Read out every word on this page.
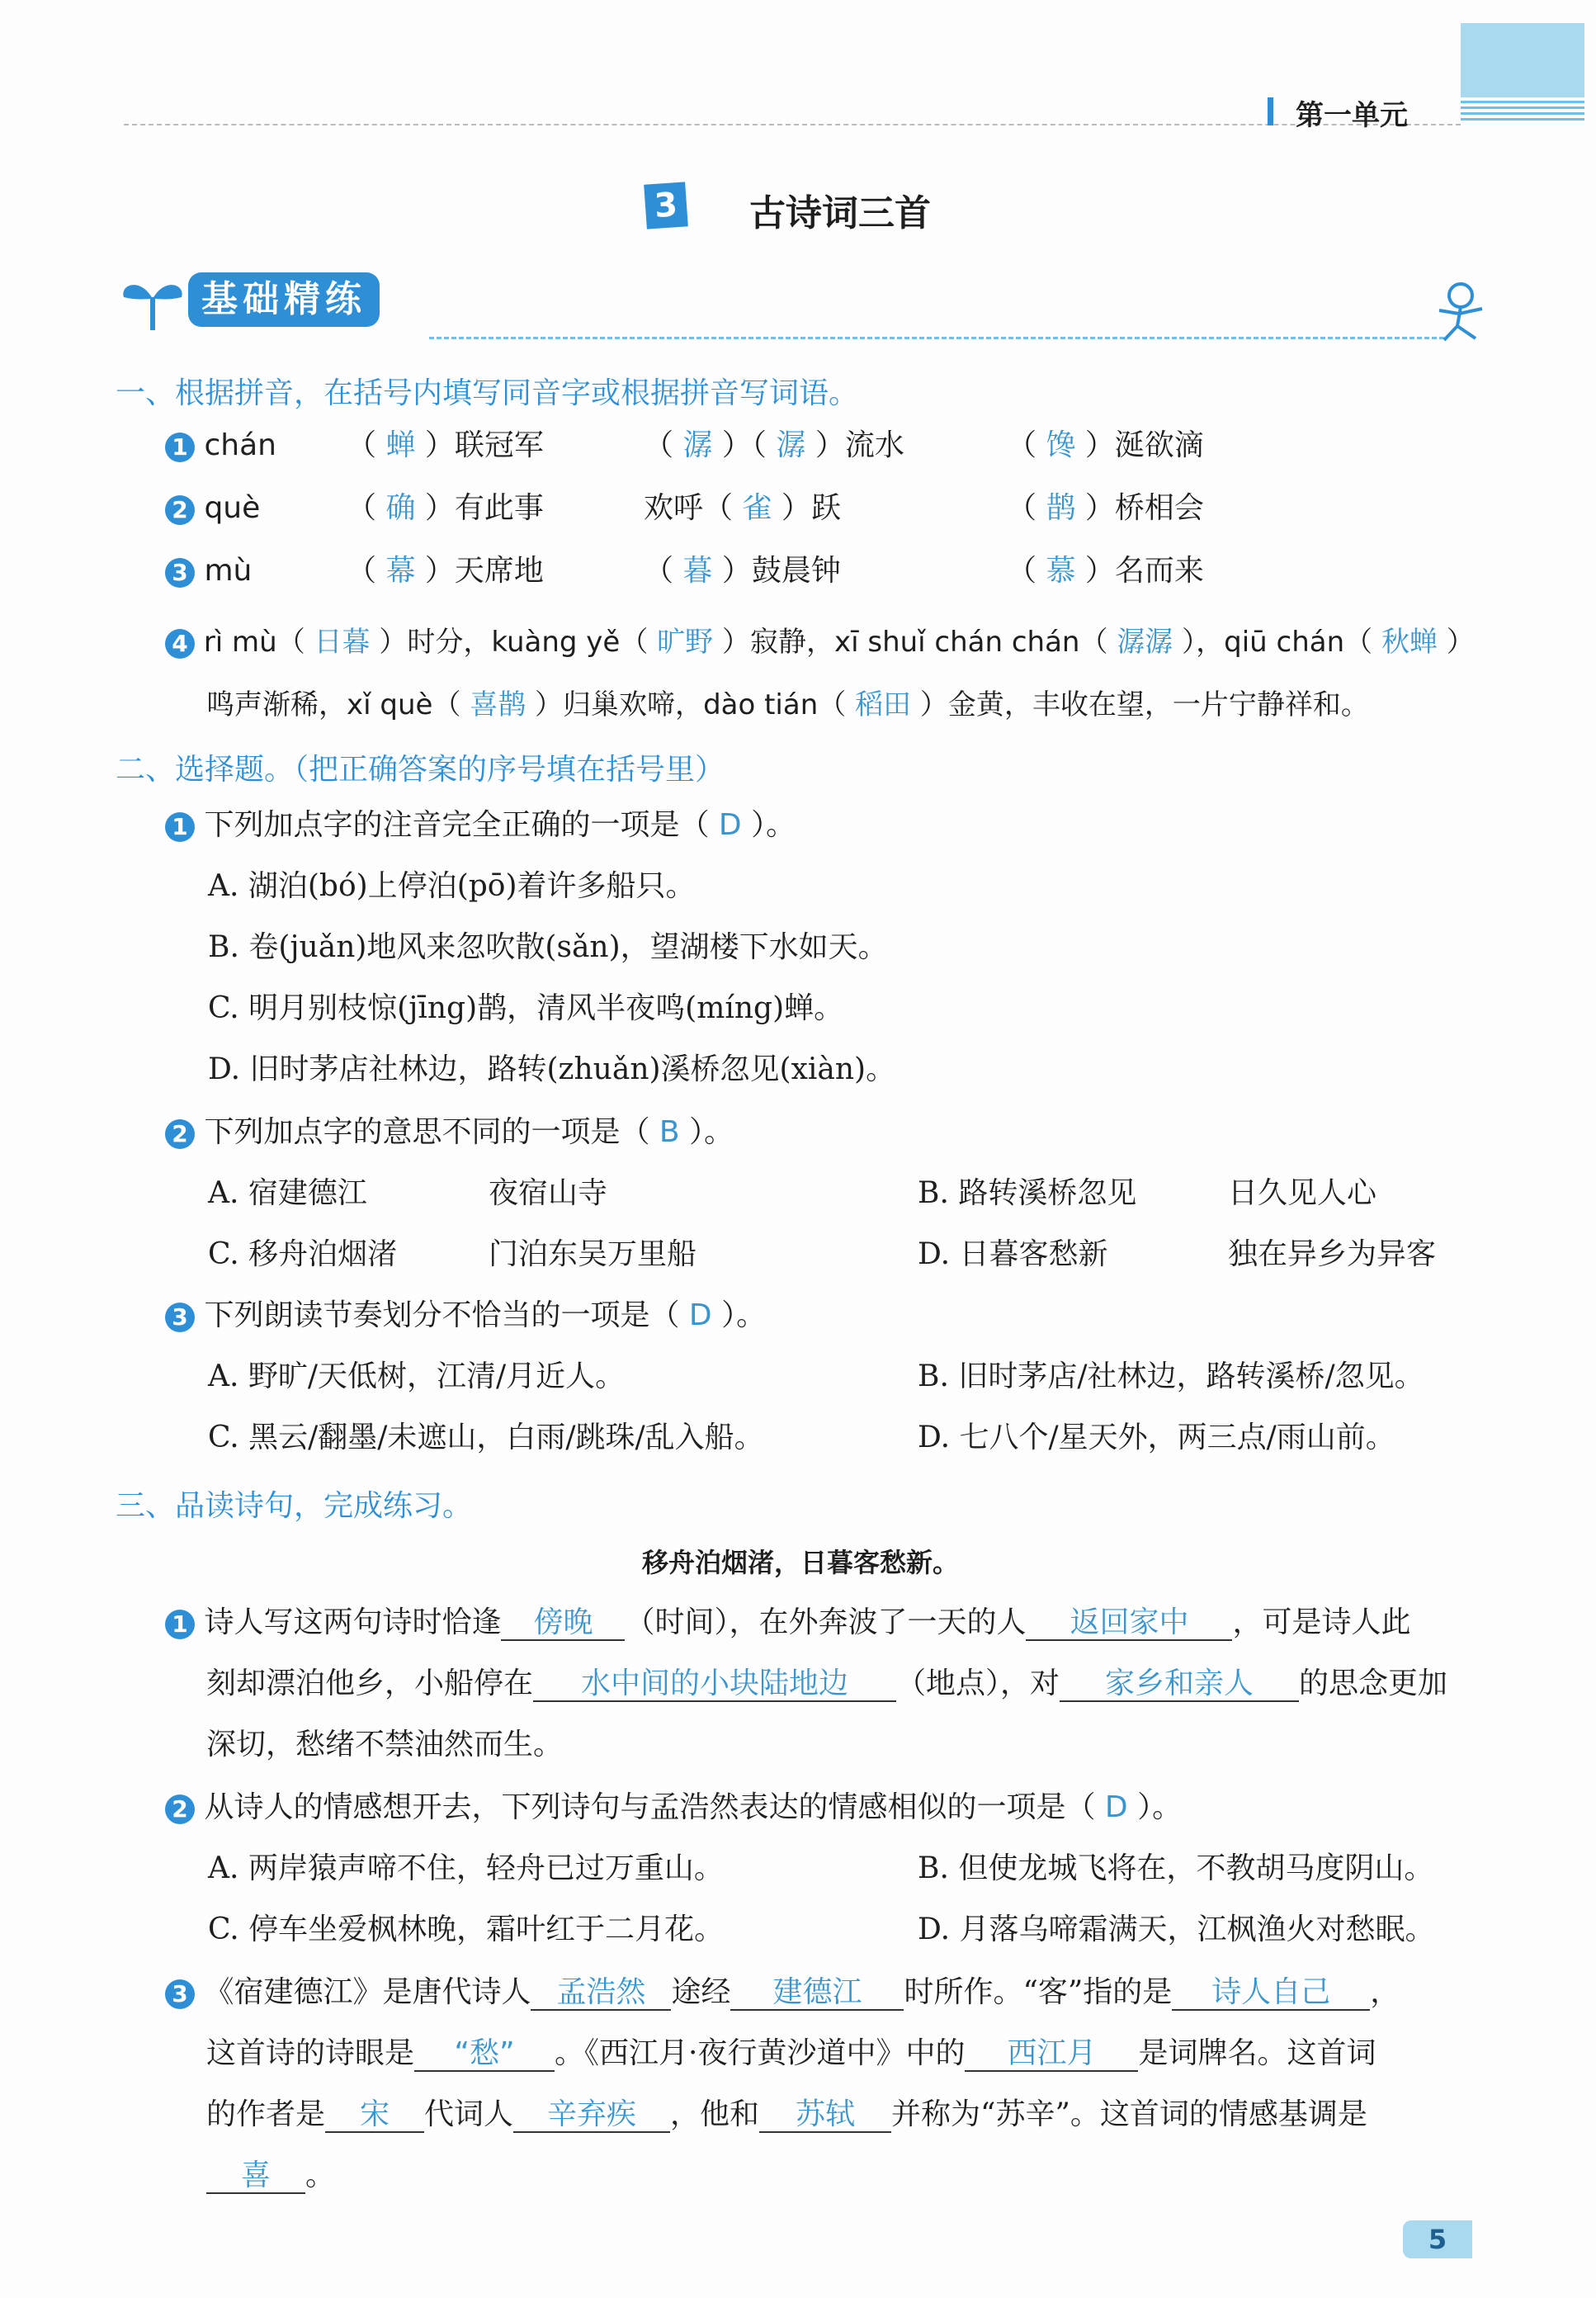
第一单元
3 古诗词三首
基础精练
一、根据拼音，在括号内填写同音字或根据拼音写词语。
1 chán （ 蝉 ）联冠军	（ 潺 ）（ 潺 ）流水	（ 馋 ）涎欲滴
2 què	（ 确 ）有此事	欢呼（ 雀 ）跃	（ 鹊 ）桥相会
3 mù	（ 幕 ）天席地	（ 暮 ）鼓晨钟	（ 慕 ）名而来
4 rì mù（ 日暮 ）时分，kuàng yě（ 旷野 ）寂静，xī shuǐ chán chán（ 潺潺 ），qiū chán（ 秋蝉 ）
鸣声渐稀，xǐ què（ 喜鹊 ）归巢欢啼，dào tián（ 稻田 ）金黄，丰收在望，一片宁静祥和。
二、选择题。（把正确答案的序号填在括号里）
1 下列加点字的注音完全正确的一项是（ D ）。
A. 湖泊(bó)上停泊(pō)着许多船只。
B. 卷(juǎn)地风来忽吹散(sǎn)，望湖楼下水如天。
C. 明月别枝惊(jīng)鹊，清风半夜鸣(míng)蝉。
D. 旧时茅店社林边，路转(zhuǎn)溪桥忽见(xiàn)。
2 下列加点字的意思不同的一项是（ B ）。
A. 宿建德江	夜宿山寺	B. 路转溪桥忽见	日久见人心
C. 移舟泊烟渚	门泊东吴万里船	D. 日暮客愁新	独在异乡为异客
3 下列朗读节奏划分不恰当的一项是（ D ）。
A. 野旷/天低树，江清/月近人。	B. 旧时茅店/社林边，路转溪桥/忽见。
C. 黑云/翻墨/未遮山，白雨/跳珠/乱入船。	D. 七八个/星天外，两三点/雨山前。
三、品读诗句，完成练习。
移舟泊烟渚，日暮客愁新。
1 诗人写这两句诗时恰逢 傍晚 （时间），在外奔波了一天的人 返回家中 ，可是诗人此
刻却漂泊他乡，小船停在 水中间的小块陆地边 （地点），对 家乡和亲人 的思念更加
深切，愁绪不禁油然而生。
2 从诗人的情感想开去，下列诗句与孟浩然表达的情感相似的一项是（ D ）。
A. 两岸猿声啼不住，轻舟已过万重山。	B. 但使龙城飞将在，不教胡马度阴山。
C. 停车坐爱枫林晚，霜叶红于二月花。	D. 月落乌啼霜满天，江枫渔火对愁眠。
3 《宿建德江》是唐代诗人 孟浩然 途经 建德江 时所作。“客”指的是 诗人自己 ，
这首诗的诗眼是 “愁” 。《西江月·夜行黄沙道中》中的 西江月 是词牌名。这首词
的作者是 宋 代词人 辛弃疾 ，他和 苏轼 并称为“苏辛”。这首词的情感基调是
喜 。
5
